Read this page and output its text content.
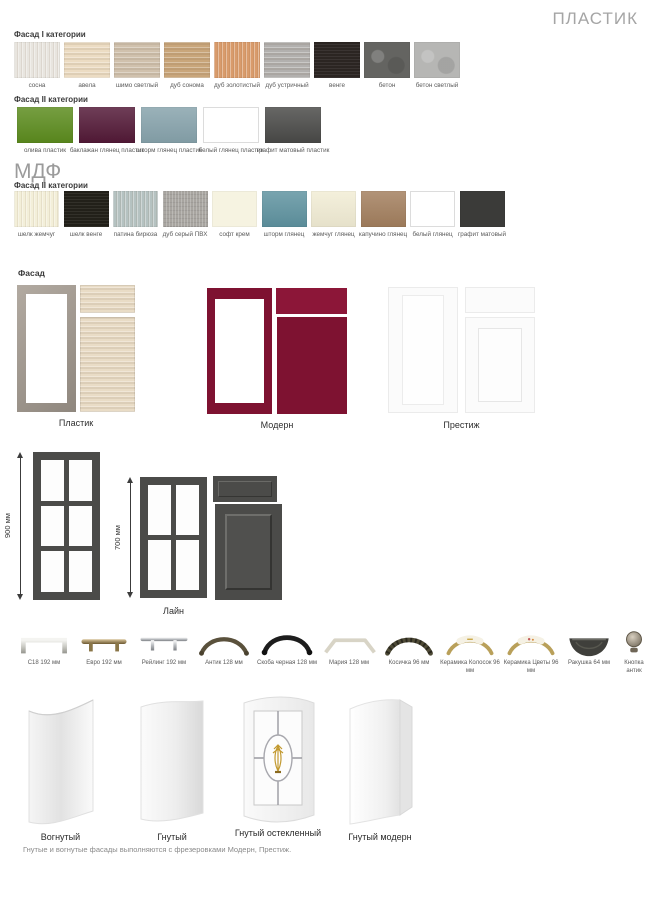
ПЛАСТИК
Фасад I категории
сосна	авела	шимо светлый	дуб сонома	дуб золотистый дуб устричный	венге	бетон	бетон светлый
Фасад II категории
олива пластик баклажан глянец пластик
шторм глянец пластик
белый глянец пластик
графит матовый пластик
МДФ
Фасад II категории
шелк жемчуг	шелк венге	патина бирюза дуб серый ПВХ	софт крем	шторм глянец	жемчуг глянец капучино глянец белый глянец графит матовый
Фасад
Пластик	Модерн	Престиж
900 мм	700 мм
Лайн
С18 192 мм	Евро 192 мм	Рейлинг 192 мм	Антик 128 мм	Скоба черная 128 мм	Мария 128 мм	Косичка 96 мм	Керамика Колосок 96 мм
Керамика Цветы 96 мм
Ракушка 64 мм	Кнопка антик
Вогнутый	Гнутый	Гнутый остекленный	Гнутый модерн
Гнутые и вогнутые фасады выполняются с фрезеровками Модерн, Престиж.
